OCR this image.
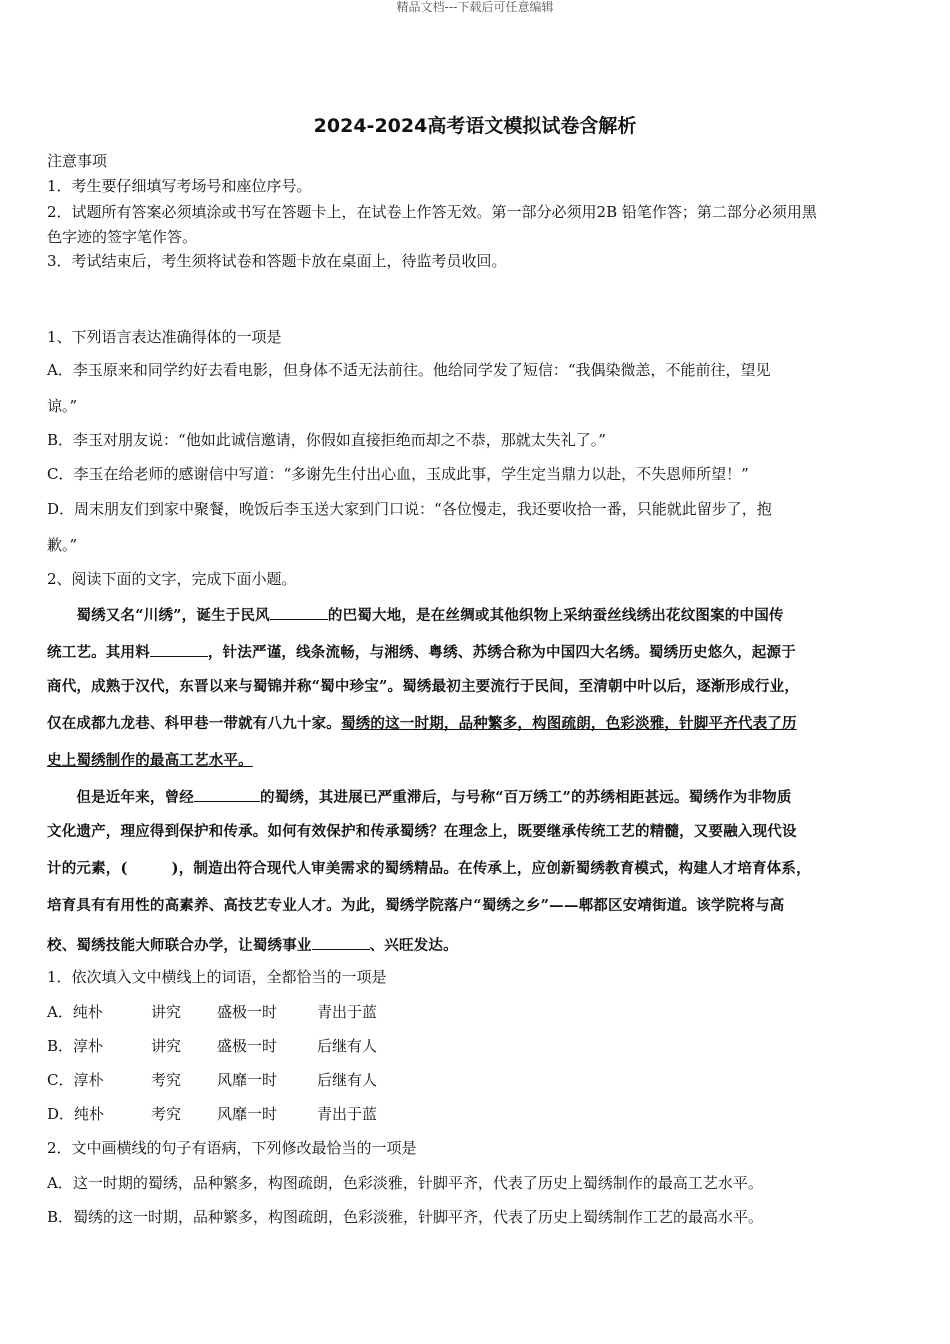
精品文档---下载后可任意编辑
2024-2024高考语文模拟试卷含解析
注意事项
1．考生要仔细填写考场号和座位序号。
2．试题所有答案必须填涂或书写在答题卡上，在试卷上作答无效。第一部分必须用2B 铅笔作答；第二部分必须用黑
色字迹的签字笔作答。
3．考试结束后，考生须将试卷和答题卡放在桌面上，待监考员收回。
1、下列语言表达准确得体的一项是
A．李玉原来和同学约好去看电影，但身体不适无法前往。他给同学发了短信：“我偶染微恙，不能前往，望见
谅。”
B．李玉对朋友说：“他如此诚信邀请，你假如直接拒绝而却之不恭，那就太失礼了。”
C．李玉在给老师的感谢信中写道：“多谢先生付出心血，玉成此事，学生定当鼎力以赴，不失恩师所望！”
D．周末朋友们到家中聚餐，晚饭后李玉送大家到门口说：“各位慢走，我还要收拾一番，只能就此留步了，抱
歉。”
2、阅读下面的文字，完成下面小题。
　　蜀绣又名“川绣”，诞生于民风	的巴蜀大地，是在丝绸或其他织物上采纳蚕丝线绣出花纹图案的中国传
统工艺。其用料	，针法严谨，线条流畅，与湘绣、粤绣、苏绣合称为中国四大名绣。蜀绣历史悠久，起源于
商代，成熟于汉代，东晋以来与蜀锦并称“蜀中珍宝”。蜀绣最初主要流行于民间，至清朝中叶以后，逐渐形成行业，
仅在成都九龙巷、科甲巷一带就有八九十家。蜀绣的这一时期，品种繁多，构图疏朗，色彩淡雅，针脚平齐代表了历
史上蜀绣制作的最高工艺水平。
　　但是近年来，曾经	的蜀绣，其进展已严重滞后，与号称“百万绣工”的苏绣相距甚远。蜀绣作为非物质
文化遗产，理应得到保护和传承。如何有效保护和传承蜀绣？在理念上，既要继承传统工艺的精髓，又要融入现代设
计的元素，(　　　)，制造出符合现代人审美需求的蜀绣精品。在传承上，应创新蜀绣教育模式，构建人才培育体系，
培育具有有用性的高素养、高技艺专业人才。为此，蜀绣学院落户“蜀绣之乡”——郫都区安靖街道。该学院将与高
校、蜀绣技能大师联合办学，让蜀绣事业	、兴旺发达。
1．依次填入文中横线上的词语，全都恰当的一项是
A．纯朴	讲究 盛极一时	青出于蓝
B．淳朴	讲究 盛极一时	后继有人
C．淳朴	考究 风靡一时	后继有人
D．纯朴	考究 风靡一时	青出于蓝
2．文中画横线的句子有语病，下列修改最恰当的一项是
A．这一时期的蜀绣，品种繁多，构图疏朗，色彩淡雅，针脚平齐，代表了历史上蜀绣制作的最高工艺水平。
B．蜀绣的这一时期，品种繁多，构图疏朗，色彩淡雅，针脚平齐，代表了历史上蜀绣制作工艺的最高水平。
